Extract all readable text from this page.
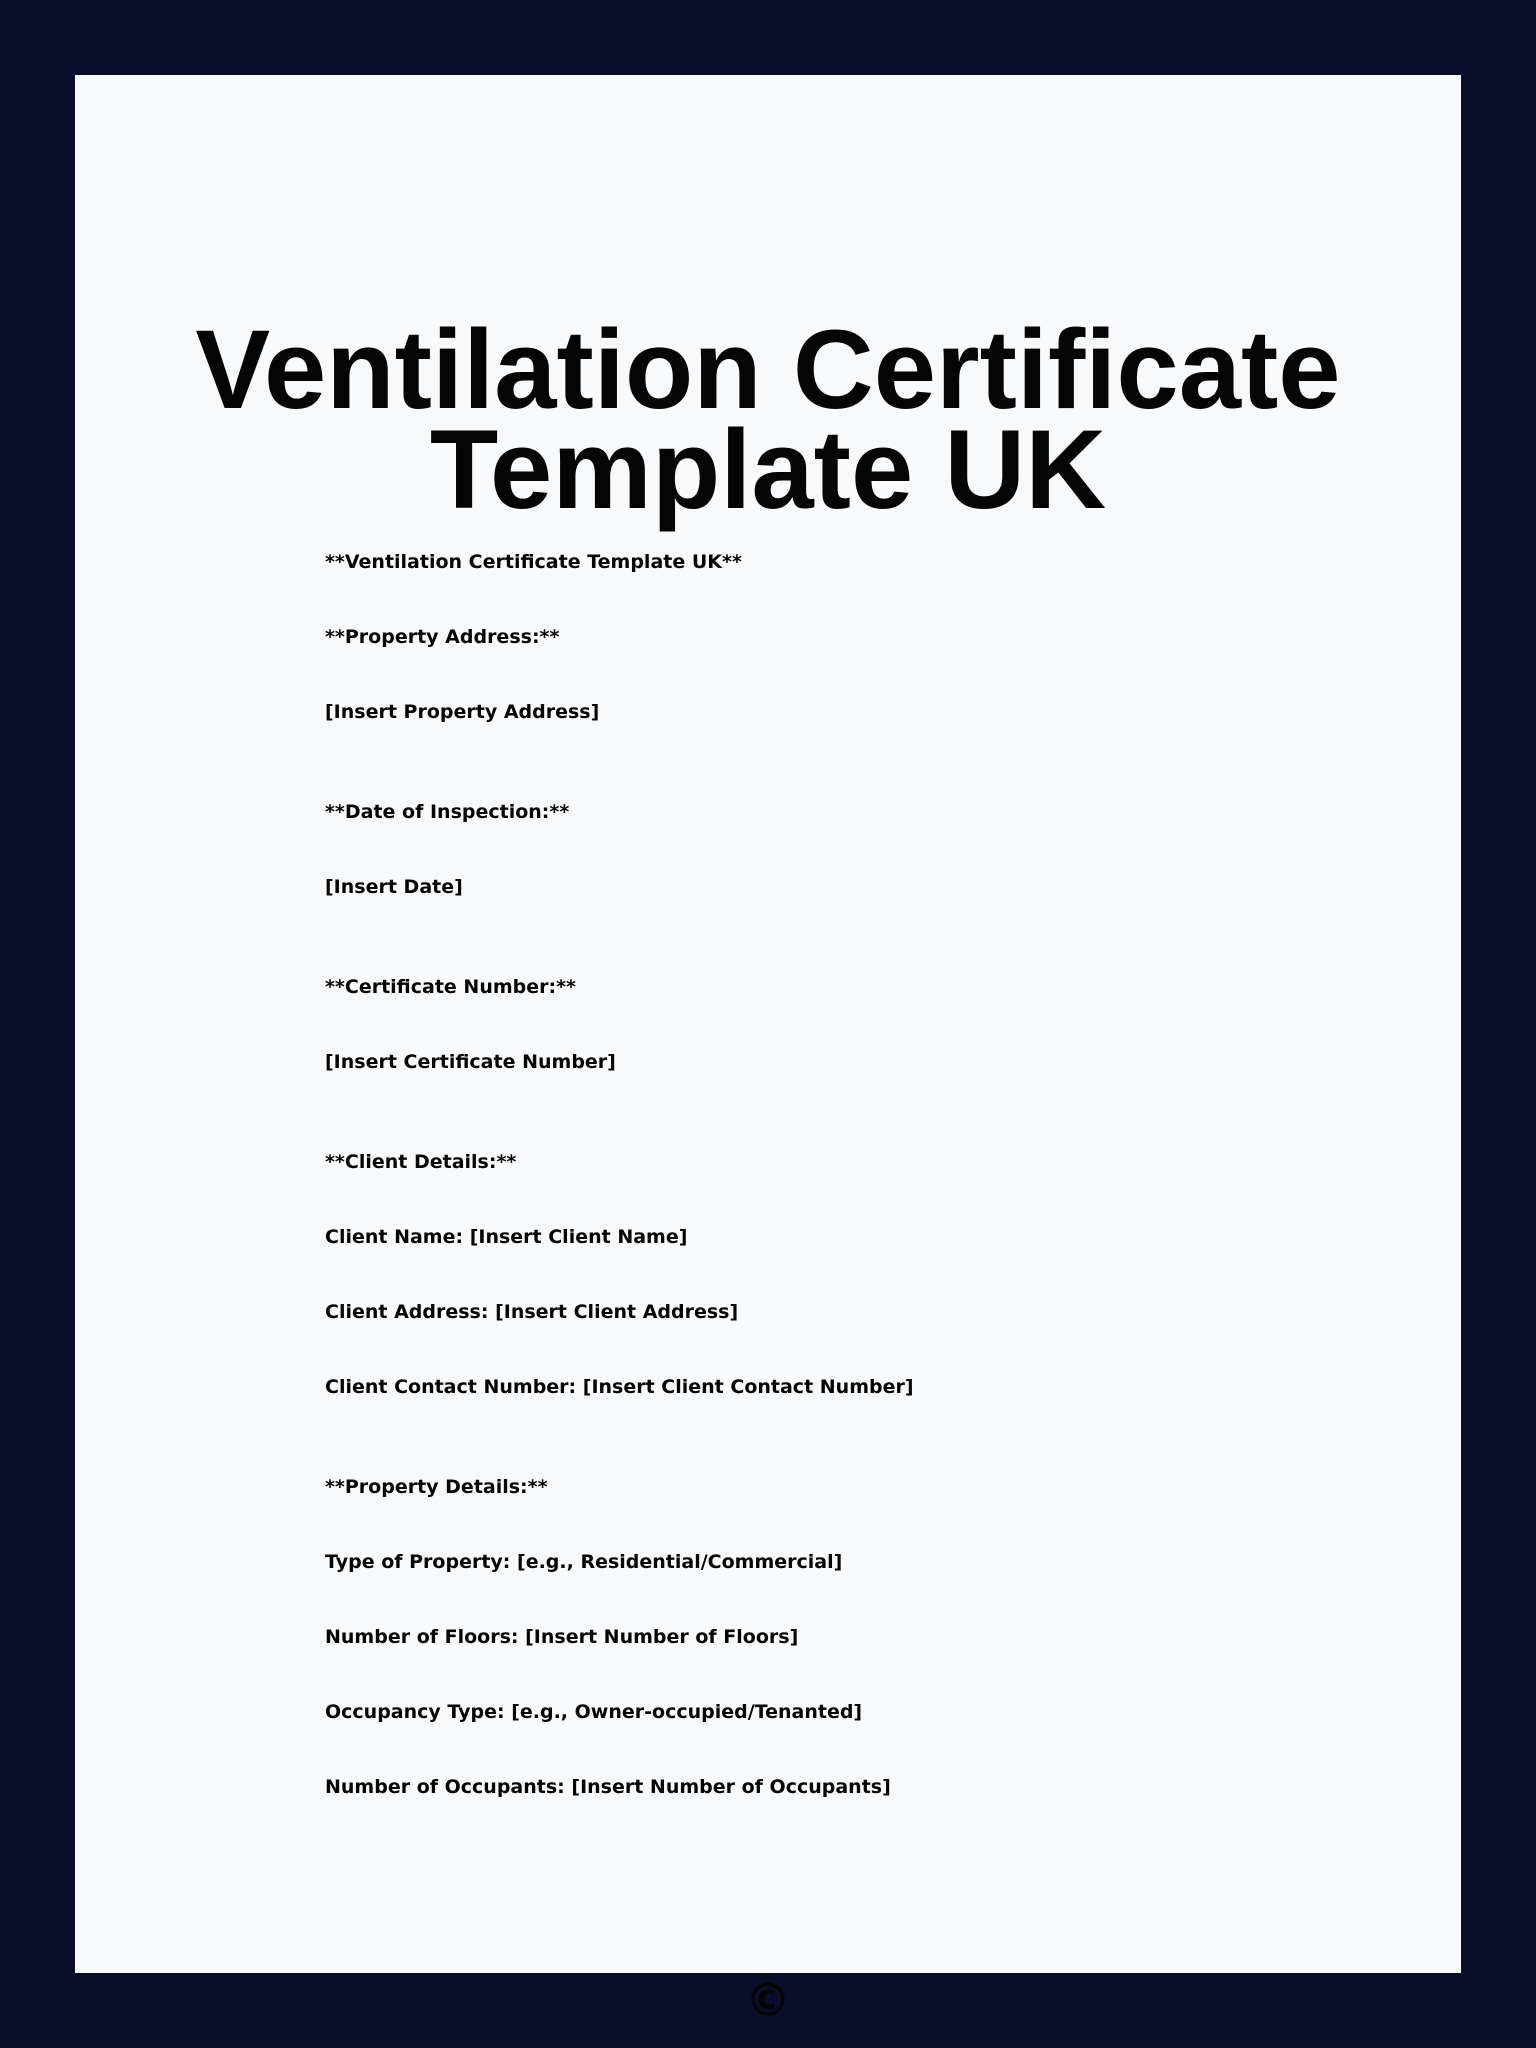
Ventilation Certificate
Template UK

**Ventilation Certificate Template UK**

**Property Address:**

[Insert Property Address]

**Date of Inspection:**

[Insert Date]

**Certificate Number:**

[Insert Certificate Number]

**Client Details:**

Client Name: [Insert Client Name]

Client Address: [Insert Client Address]

Client Contact Number: [Insert Client Contact Number]

**Property Details:**

Type of Property: [e.g., Residential/Commercial]

Number of Floors: [Insert Number of Floors]

Occupancy Type: [e.g., Owner-occupied/Tenanted]

Number of Occupants: [Insert Number of Occupants]

©
